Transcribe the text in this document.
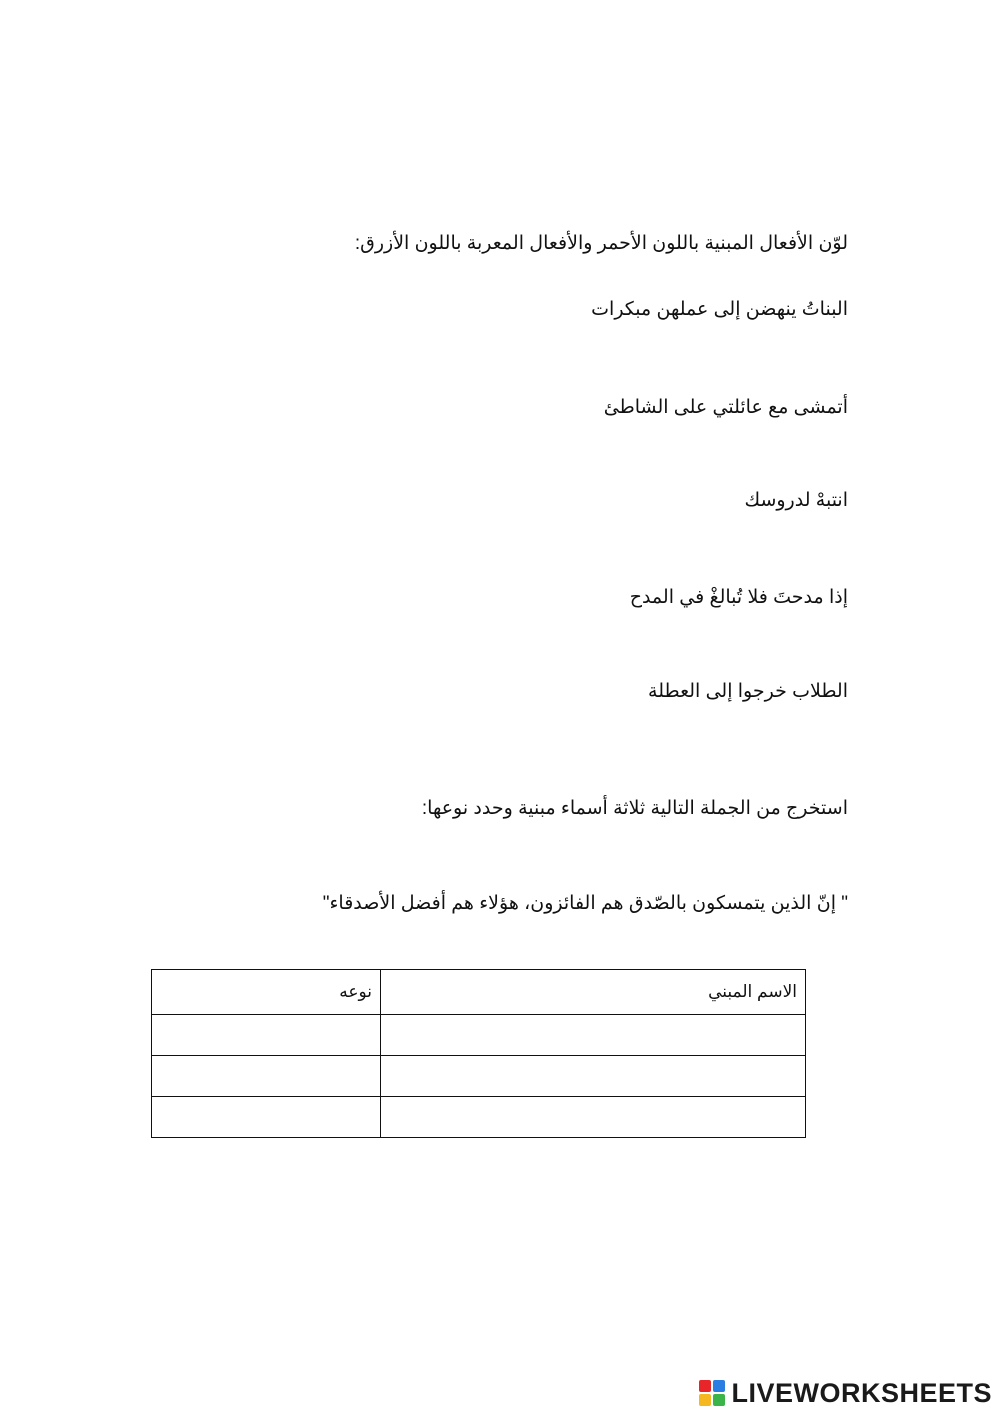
لوّن الأفعال المبنية باللون الأحمر والأفعال المعربة باللون الأزرق:
البناتُ ينهضن إلى عملهن مبكرات
أتمشى مع عائلتي على الشاطئ
انتبهْ لدروسك
إذا مدحتَ فلا تُبالغْ في المدح
الطلاب خرجوا إلى العطلة
استخرج من الجملة التالية ثلاثة أسماء مبنية وحدد نوعها:
" إنّ الذين يتمسكون بالصّدق هم الفائزون، هؤلاء هم أفضل الأصدقاء"
الاسم المبني	نوعه

LIVEWORKSHEETS
